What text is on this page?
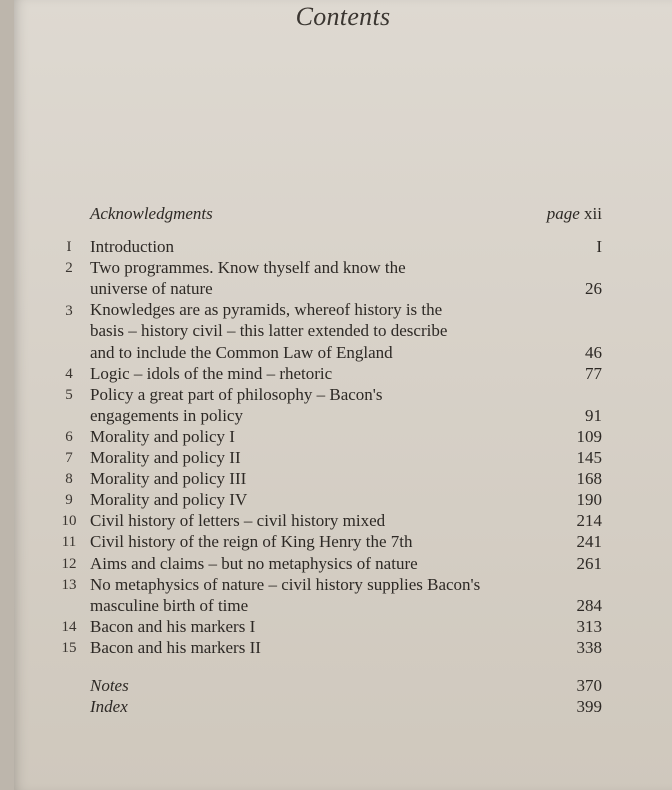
Contents
Acknowledgments	page xii
I	Introduction	I
2	Two programmes. Know thyself and know the
universe of nature	26
3	Knowledges are as pyramids, whereof history is the
basis – history civil – this latter extended to describe
and to include the Common Law of England	46
4	Logic – idols of the mind – rhetoric	77
5	Policy a great part of philosophy – Bacon's
engagements in policy	91
6	Morality and policy I	109
7	Morality and policy II	145
8	Morality and policy III	168
9	Morality and policy IV	190
10 Civil history of letters – civil history mixed	214
11 Civil history of the reign of King Henry the 7th	241
12 Aims and claims – but no metaphysics of nature	261
13 No metaphysics of nature – civil history supplies Bacon's
masculine birth of time	284
14 Bacon and his markers I	313
15 Bacon and his markers II	338
Notes	370
Index	399
